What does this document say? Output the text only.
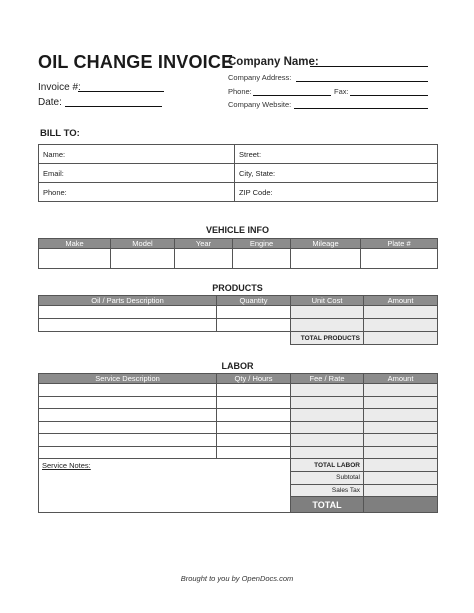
OIL CHANGE INVOICE
Invoice #:
Date:
Company Name:
Company Address:
Phone:	Fax:
Company Website:
BILL TO:
Name:	Street:
Email:	City, State:
Phone:	ZIP Code:
VEHICLE INFO
Make	Model	Year	Engine	Mileage	Plate #

PRODUCTS
Oil / Parts Description	Quantity	Unit Cost	Amount

		TOTAL PRODUCTS	
LABOR
Service Description	Qty / Hours	Fee / Rate	Amount

Service Notes:		TOTAL LABOR	
		Subtotal	
		Sales Tax	
		TOTAL	
Brought to you by OpenDocs.com
